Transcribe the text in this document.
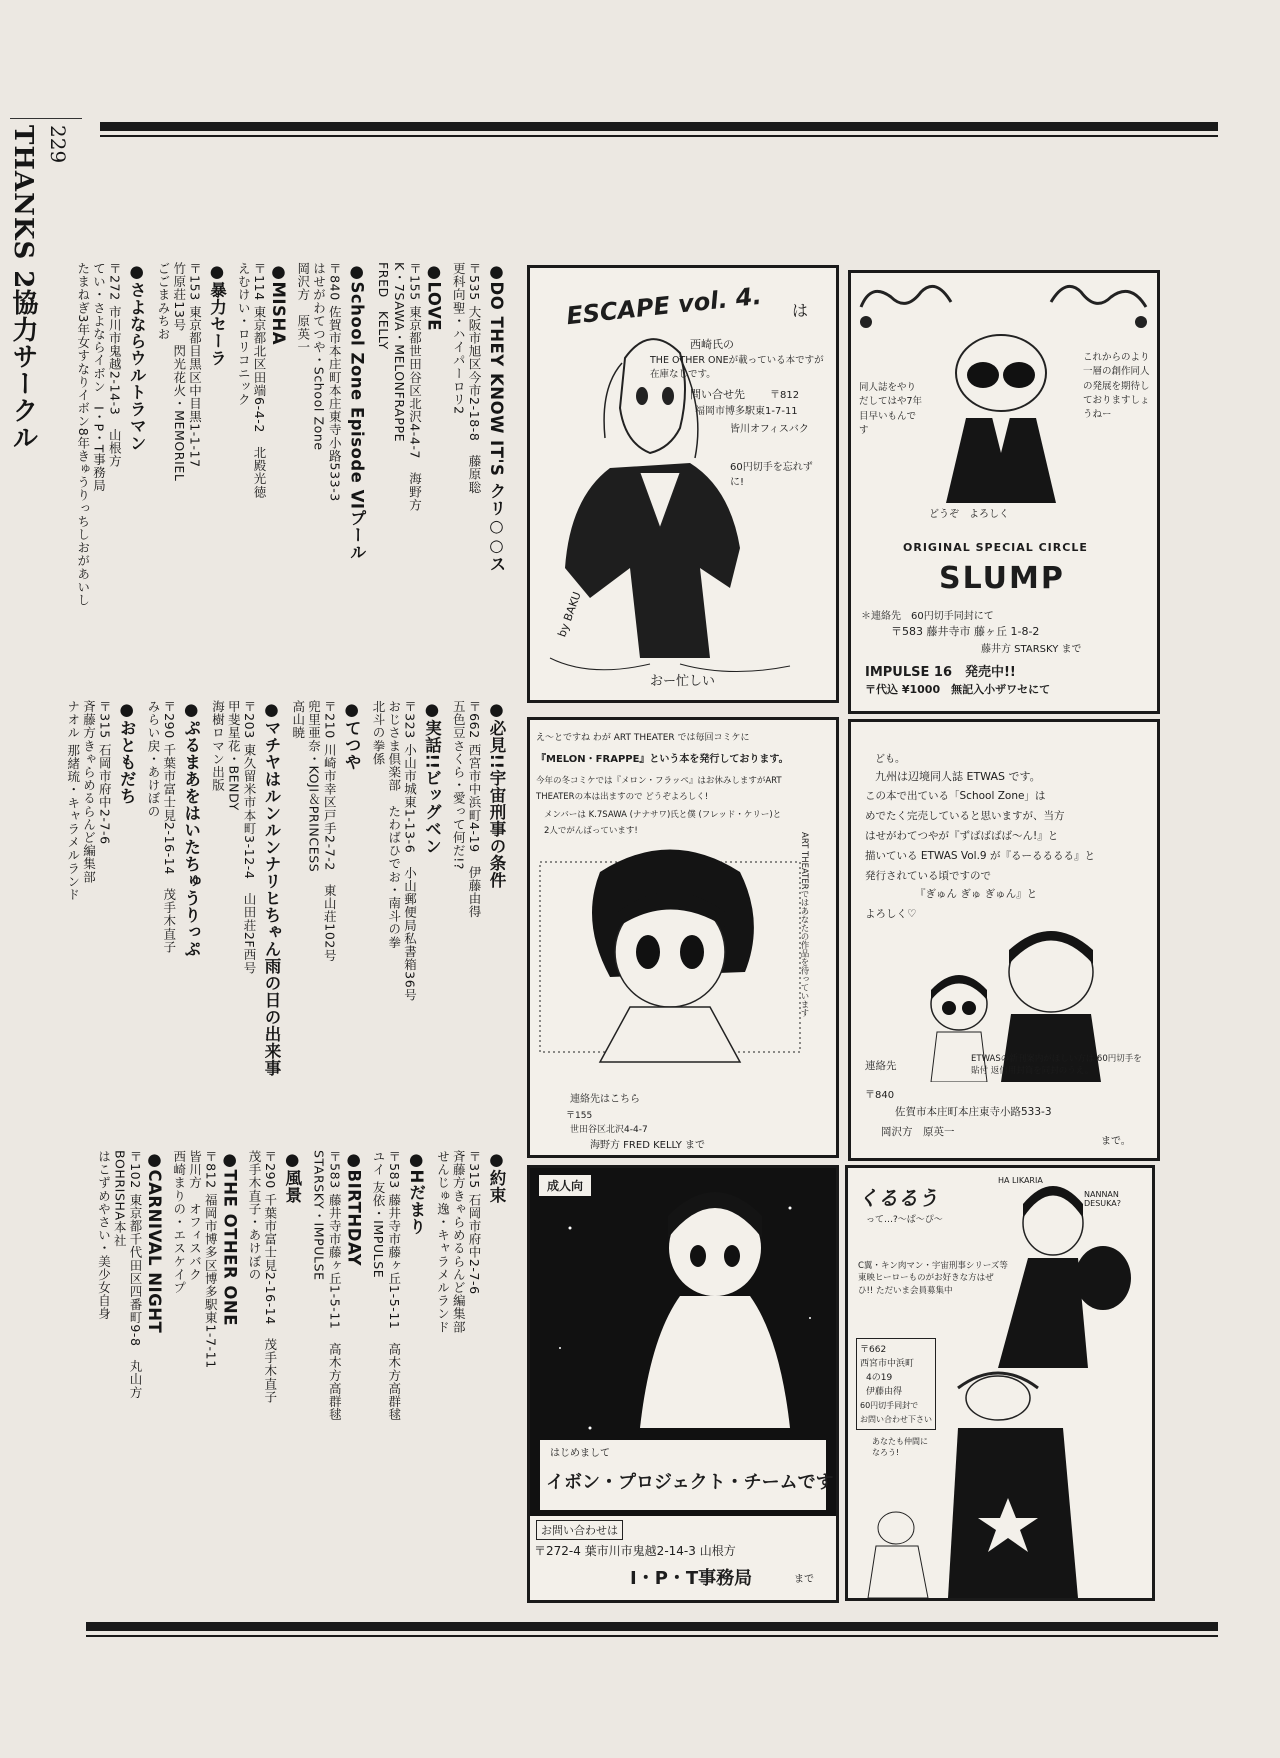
229
THANKS 2協力サークル	●DO THEY KNOW IT'S クリ○○ス
〒535 大阪市旭区今市2-18-8　藤原聡
更科向聖・ハイパーロリ2
●LOVE
〒155 東京都世田谷区北沢4-4-7　海野方
K・7SAWA・MELONFRAPPE
FRED　KELLY
●School Zone Episode VIプール
〒840 佐賀市本庄町本庄東寺小路533-3
はせがわてつや・School Zone
岡沢方　原英一
●MISHA
〒114 東京都北区田端6-4-2　北殿光徳
えむけい・ロリコニック
●暴力セーラ
〒153 東京都目黒区中目黒1-1-17
竹原荘13号　閃光花火・MEMORIEL
ごごまみちお
●さよならウルトラマン
〒272 市川市鬼越2-14-3　山根方
てい・さよならイボン　I・P・T事務局
たまねぎ3年女すなりイボン8年きゅうりっちしおがあいし
●必見!!宇宙刑事の条件
〒662 西宮市中浜町4-19　伊藤由得
五色豆さくら・愛って何だ!?
●実話!!ビッグベン
〒323 小山市城東1-13-6　小山郵便局私書箱36号
おじさま倶楽部　たわばひでお・南斗の拳
北斗の拳係
●てつや
〒210 川崎市幸区戸手2-7-2　東山荘102号
兜里亜奈・KOJI＆PRINCESS
高山暁
●マチヤはルンルンナリヒちゃん雨の日の出来事
〒203 東久留米市本町3-12-4　山田荘2F西号
甲斐星花・BENDY
海樹ロマン出版
●ぷるまあをはいたちゅうりっぷ
〒290 千葉市富士見2-16-14　茂手木直子
みらい戻・あけぼの
●おともだち
〒315 石岡市府中2-7-6
斉藤方きゃらめるらんど編集部
ナオル 那緒琉・キャラメルランド
●約束
〒315 石岡市府中2-7-6
斉藤方きゃらめるらんど編集部
せんじゅ逸・キャラメルランド
●Hだまり
〒583 藤井寺市藤ヶ丘1-5-11　高木方高群毬
ユイ 友依・IMPULSE
●BIRTHDAY
〒583 藤井寺市藤ヶ丘1-5-11　高木方高群毬
STARSKY・IMPULSE
●風景
〒290 千葉市富士見2-16-14　茂手木直子
茂手木直子・あけぼの
●THE OTHER ONE
〒812 福岡市博多区博多駅東1-7-11
皆川方　オフィスバク
西崎まりの・エスケイプ
●CARNIVAL NIGHT
〒102 東京都千代田区四番町9-8　丸山方
BOHRISHA本社
はこずめやさい・美少女自身
ESCAPE vol. 4. は
西崎氏の
THE OTHER ONEが載っている本ですが在庫なしです。
問い合せ先	〒812
福岡市博多駅東1-7-11
皆川オフィスバク
60円切手を忘れずに!
by BAKU
おー忙しい
同人誌をやりだしてはや7年目早いもんです
これからのより一層の創作同人の発展を期待しておりますしょうねー
どうぞ　よろしく
ORIGINAL SPECIAL CIRCLE
SLUMP
＊連絡先　60円切手同封にて
〒583 藤井寺市 藤ヶ丘 1-8-2
藤井方 STARSKY まで
IMPULSE 16　発売中!!
〒代込 ¥1000　無記入小ザワセにて
え～とですね わが ART THEATER では毎回コミケに
『MELON・FRAPPE』という本を発行しております。
今年の冬コミケでは『メロン・フラッペ』はお休みしますがART
THEATERの本は出ますので どうぞよろしく!
メンバーは K.7SAWA (ナナサワ)氏と僕 (フレッド・ケリー)と
2人でがんばっています!
ART THEATERではあなたの作品を待っています
連絡先はこちら
〒155
世田谷区北沢4-4-7
海野方 FRED KELLY まで
ども。
九州は辺境同人誌 ETWAS です。
この本で出ている「School Zone」は
めでたく完売していると思いますが、当方
はせがわてつやが『ずばばばば～ん!』と
描いている ETWAS Vol.9 が『るーるるるる』と
発行されている頃ですので
『ぎゅん ぎゅ ぎゅん』と
よろしく♡
ETWASの新刊案内がほしい方は 60円切手を 貼付 返信用封筒を同封のうえ。
連絡先
〒840
佐賀市本庄町本庄東寺小路533-3
岡沢方　原英一
まで。
成人向
はじめまして
イボン・プロジェクト・チームです
お問い合わせは
〒272-4 葉市川市鬼越2-14-3 山根方
I・P・T事務局	まで
くるるう
って…?～ぱ～ぴ～
HA LIKARIA
NANNAN DESUKA?
C翼・キン肉マン・宇宙刑事シリーズ等東映ヒーローものがお好きな方はぜひ!! ただいま会員募集中
〒662
西宮市中浜町
4の19
伊藤由得
60円切手同封で
お問い合わせ下さい
あなたも仲間になろう!
